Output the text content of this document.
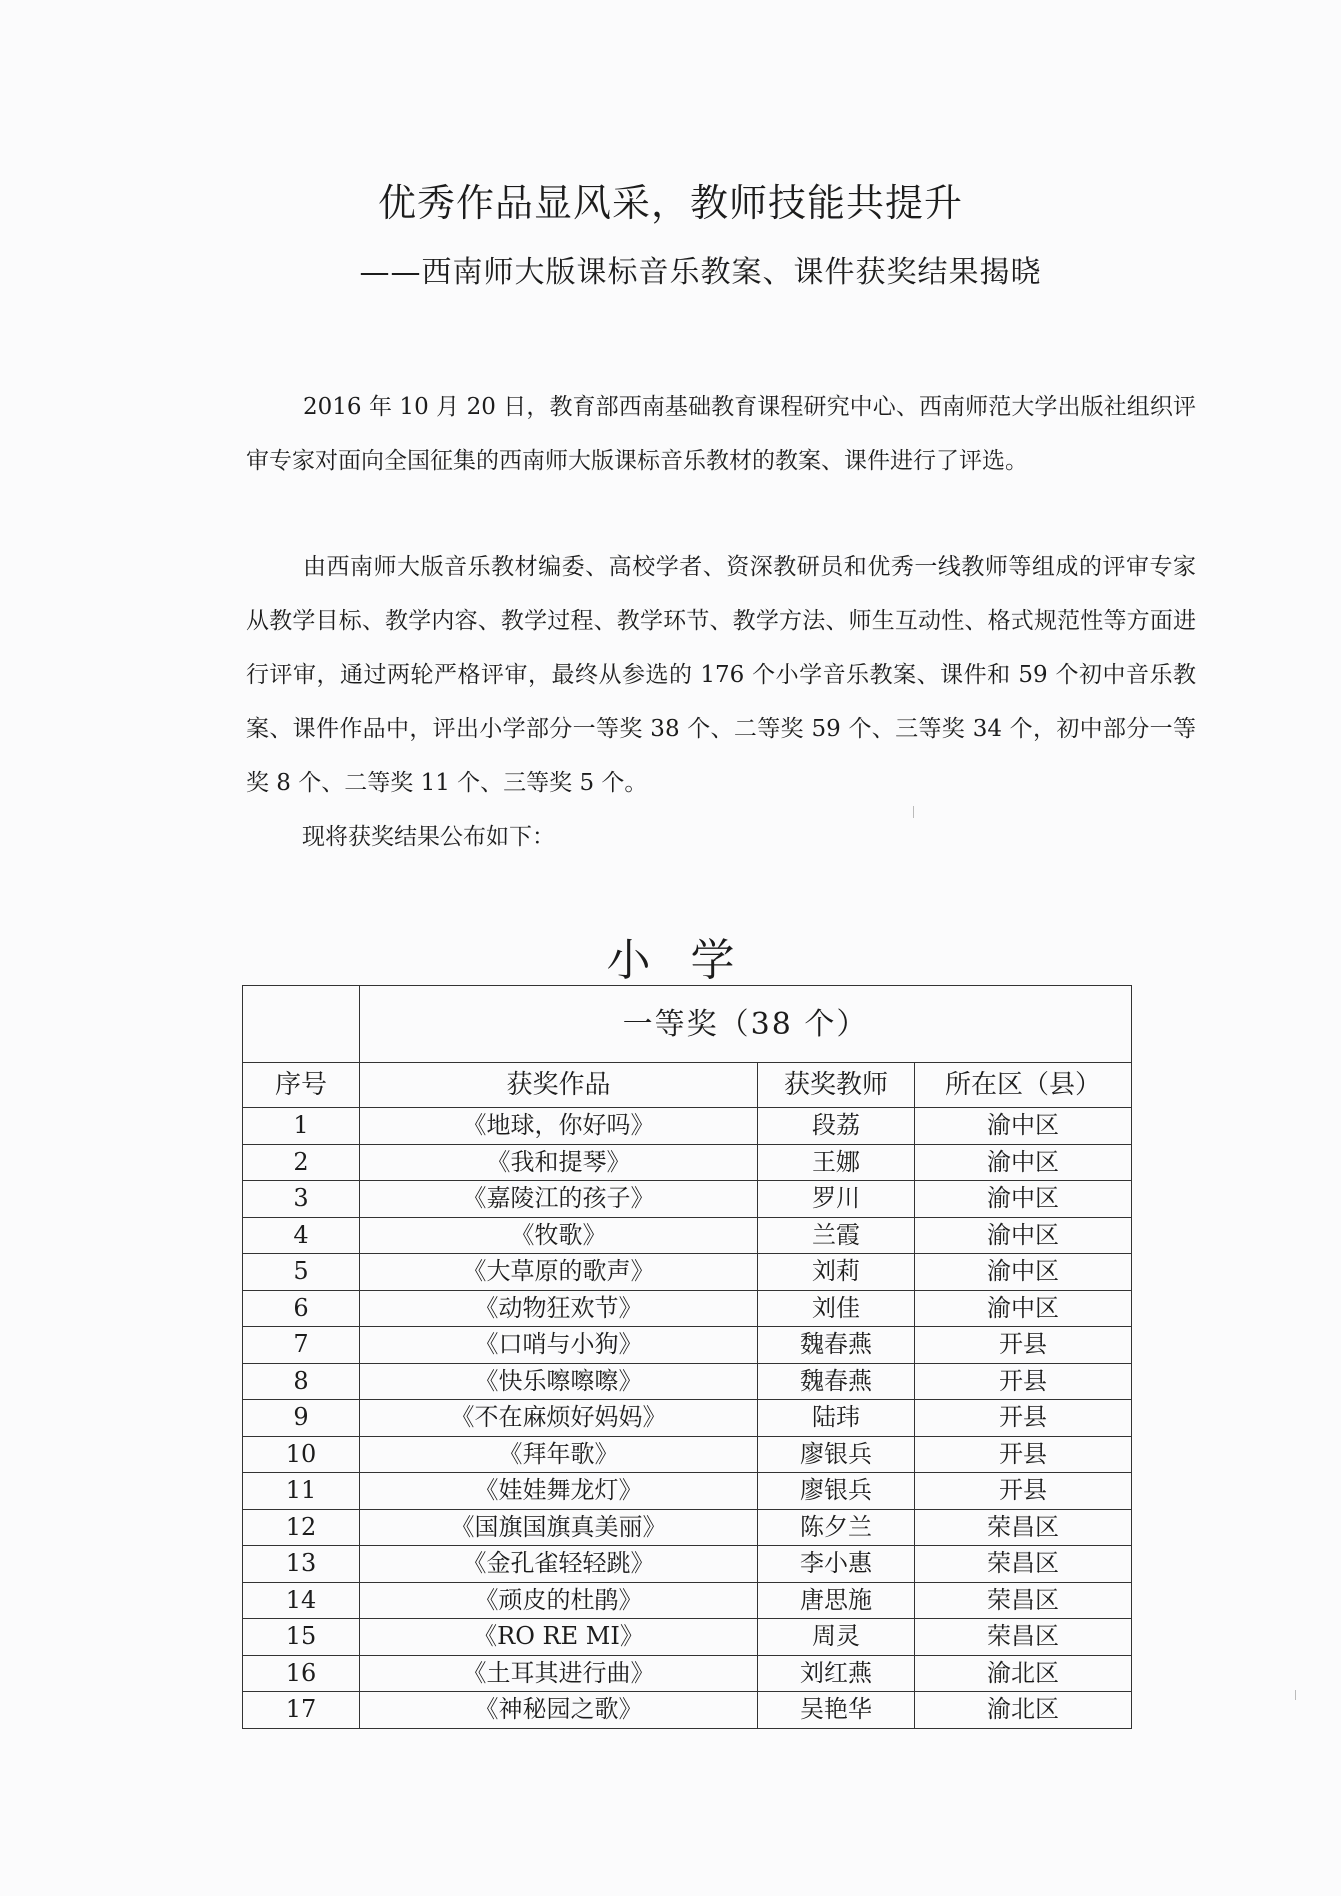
优秀作品显风采，教师技能共提升
——西南师大版课标音乐教案、课件获奖结果揭晓
2016 年 10 月 20 日，教育部西南基础教育课程研究中心、西南师范大学出版社组织评审专家对面向全国征集的西南师大版课标音乐教材的教案、课件进行了评选。
由西南师大版音乐教材编委、高校学者、资深教研员和优秀一线教师等组成的评审专家从教学目标、教学内容、教学过程、教学环节、教学方法、师生互动性、格式规范性等方面进行评审，通过两轮严格评审，最终从参选的 176 个小学音乐教案、课件和 59 个初中音乐教案、课件作品中，评出小学部分一等奖 38 个、二等奖 59 个、三等奖 34 个，初中部分一等奖 8 个、二等奖 11 个、三等奖 5 个。
现将获奖结果公布如下：
小学
	一等奖（38 个）		
序号	获奖作品	获奖教师	所在区（县）
1	《地球，你好吗》	段荔	渝中区
2	《我和提琴》	王娜	渝中区
3	《嘉陵江的孩子》	罗川	渝中区
4	《牧歌》	兰霞	渝中区
5	《大草原的歌声》	刘莉	渝中区
6	《动物狂欢节》	刘佳	渝中区
7	《口哨与小狗》	魏春燕	开县
8	《快乐嚓嚓嚓》	魏春燕	开县
9	《不在麻烦好妈妈》	陆玮	开县
10	《拜年歌》	廖银兵	开县
11	《娃娃舞龙灯》	廖银兵	开县
12	《国旗国旗真美丽》	陈夕兰	荣昌区
13	《金孔雀轻轻跳》	李小惠	荣昌区
14	《顽皮的杜鹃》	唐思施	荣昌区
15	《RO RE MI》	周灵	荣昌区
16	《土耳其进行曲》	刘红燕	渝北区
17	《神秘园之歌》	吴艳华	渝北区
